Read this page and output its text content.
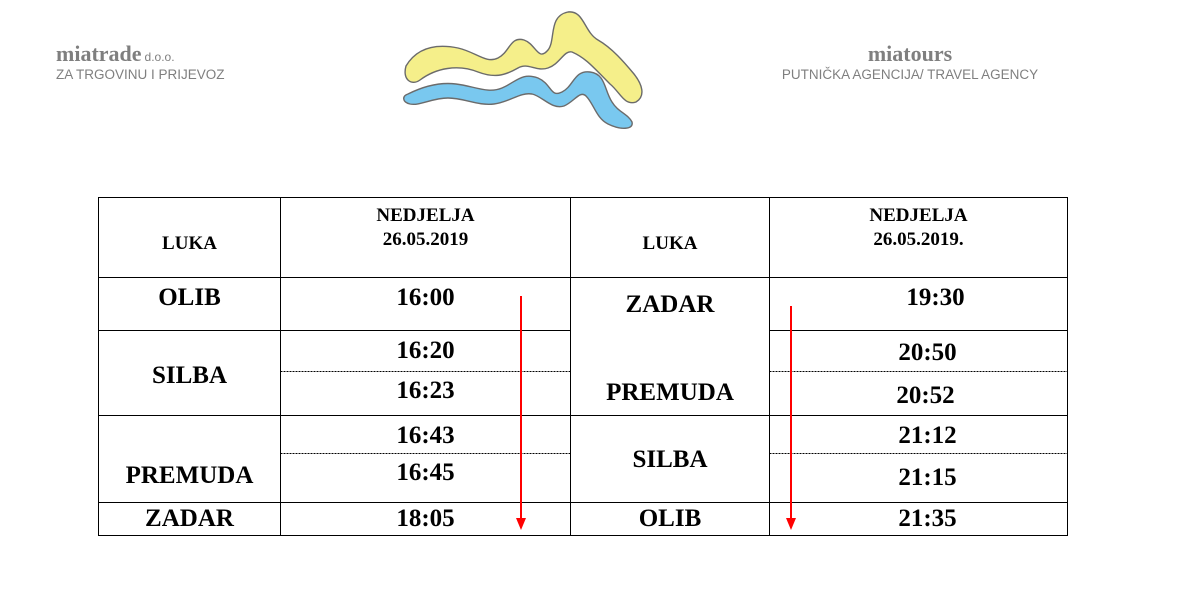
miatrade d.o.o.
ZA TRGOVINU I PRIJEVOZ
miatours
PUTNIČKA AGENCIJA/ TRAVEL AGENCY
LUKA
NEDJELJA
26.05.2019	LUKA
NEDJELJA
26.05.2019.
OLIB
SILBA
PREMUDA
ZADAR
16:00
16:20
16:23
16:43
16:45
18:05
ZADAR
PREMUDA
SILBA
OLIB
19:30
20:50
20:52
21:12
21:15
21:35
